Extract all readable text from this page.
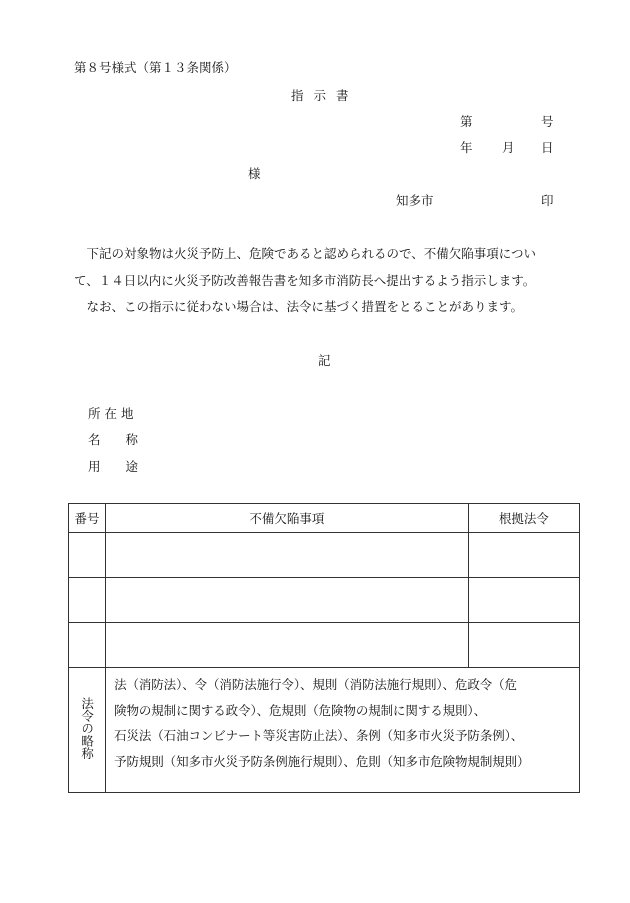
第８号様式（第１３条関係）
指示書
第	号
年 月 日
様
知多市	印
　下記の対象物は火災予防上、危険であると認められるので、不備欠陥事項につい
て、１４日以内に火災予防改善報告書を知多市消防長へ提出するよう指示します。
　なお、この指示に従わない場合は、法令に基づく措置をとることがあります。
記
所 在 地
名　　称
用　　途
番号	不備欠陥事項	根拠法令

法令の略称	法（消防法）、令（消防法施行令）、規則（消防法施行規則）、危政令（危
険物の規制に関する政令）、危規則（危険物の規制に関する規則）、
石災法（石油コンビナート等災害防止法）、条例（知多市火災予防条例）、
予防規則（知多市火災予防条例施行規則）、危則（知多市危険物規制規則）	
